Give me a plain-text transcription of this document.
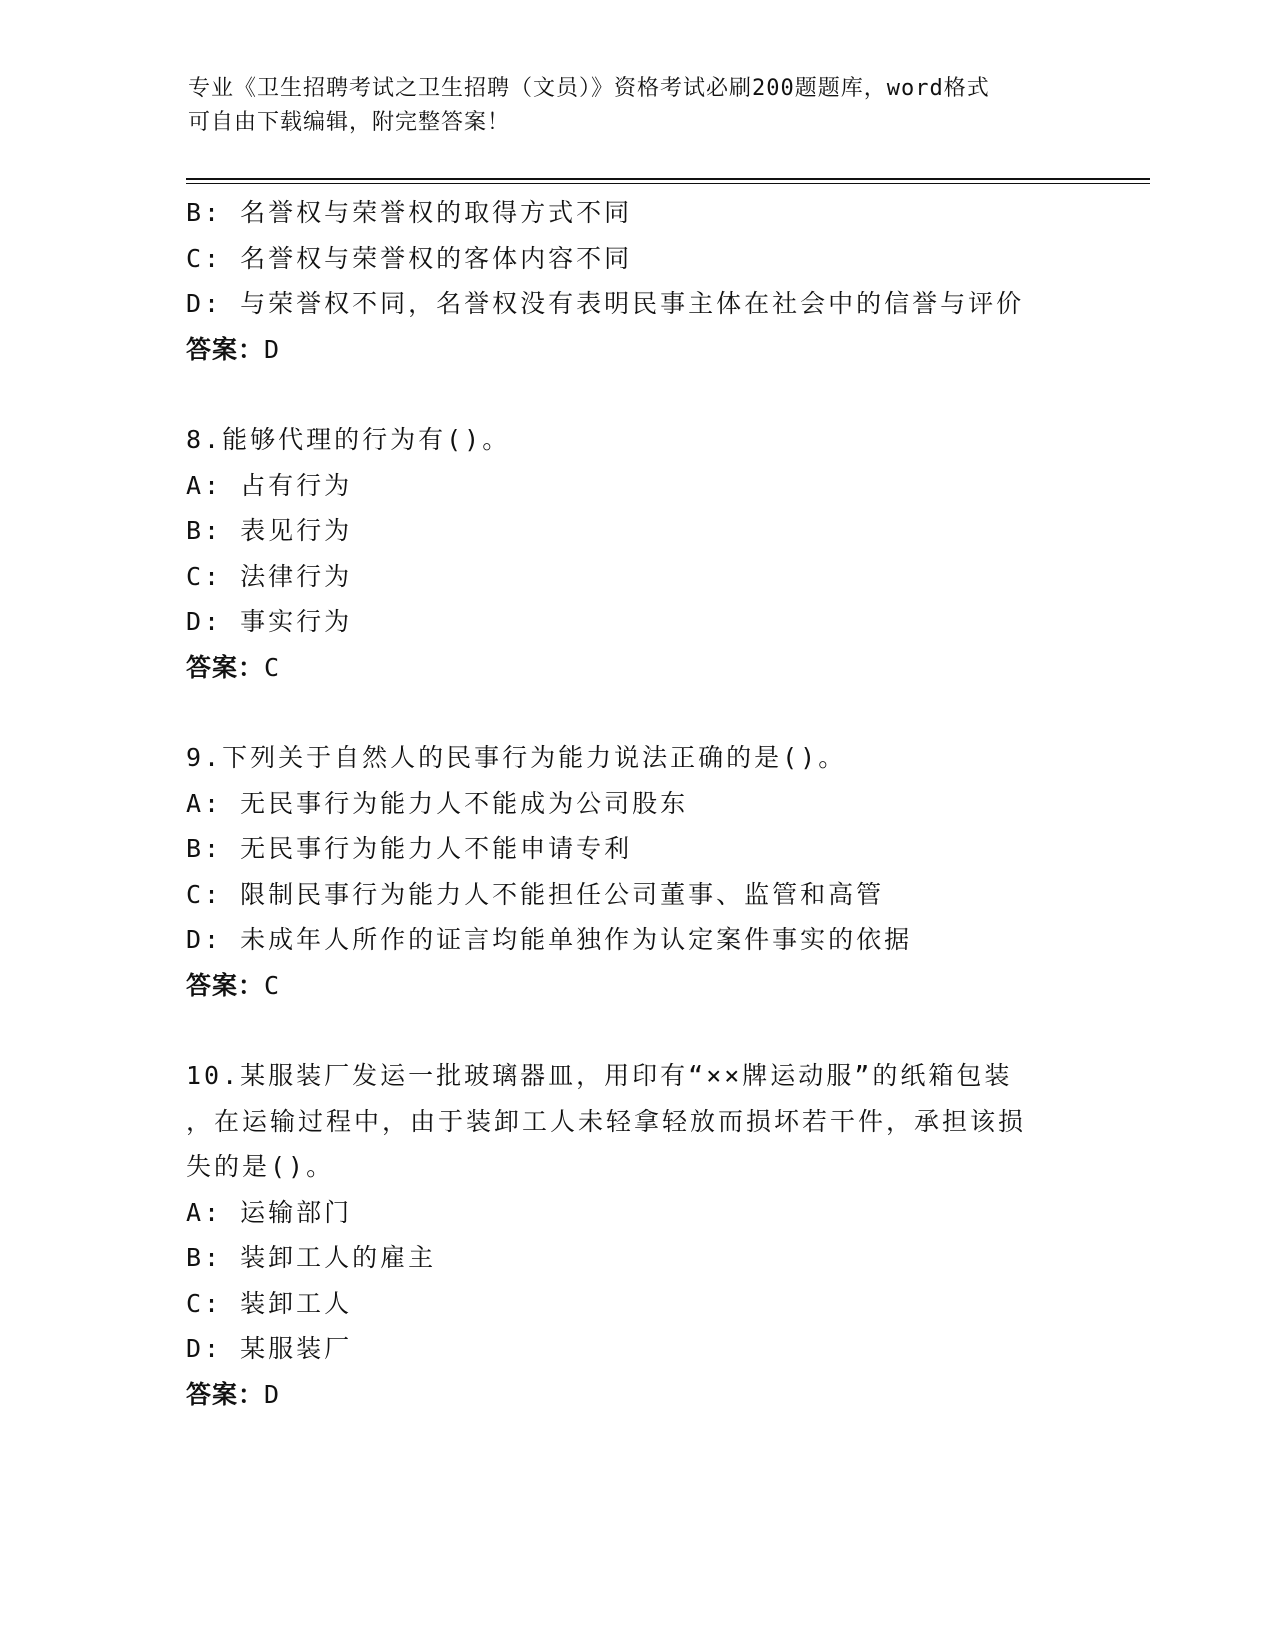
专业《卫生招聘考试之卫生招聘（文员）》资格考试必刷200题题库，word格式
可自由下载编辑，附完整答案！
B: 名誉权与荣誉权的取得方式不同
C: 名誉权与荣誉权的客体内容不同
D: 与荣誉权不同，名誉权没有表明民事主体在社会中的信誉与评价
答案：D
8.能够代理的行为有()。
A: 占有行为
B: 表见行为
C: 法律行为
D: 事实行为
答案：C
9.下列关于自然人的民事行为能力说法正确的是()。
A: 无民事行为能力人不能成为公司股东
B: 无民事行为能力人不能申请专利
C: 限制民事行为能力人不能担任公司董事、监管和高管
D: 未成年人所作的证言均能单独作为认定案件事实的依据
答案：C
10.某服装厂发运一批玻璃器皿，用印有“××牌运动服”的纸箱包装
，在运输过程中，由于装卸工人未轻拿轻放而损坏若干件，承担该损
失的是()。
A: 运输部门
B: 装卸工人的雇主
C: 装卸工人
D: 某服装厂
答案：D
